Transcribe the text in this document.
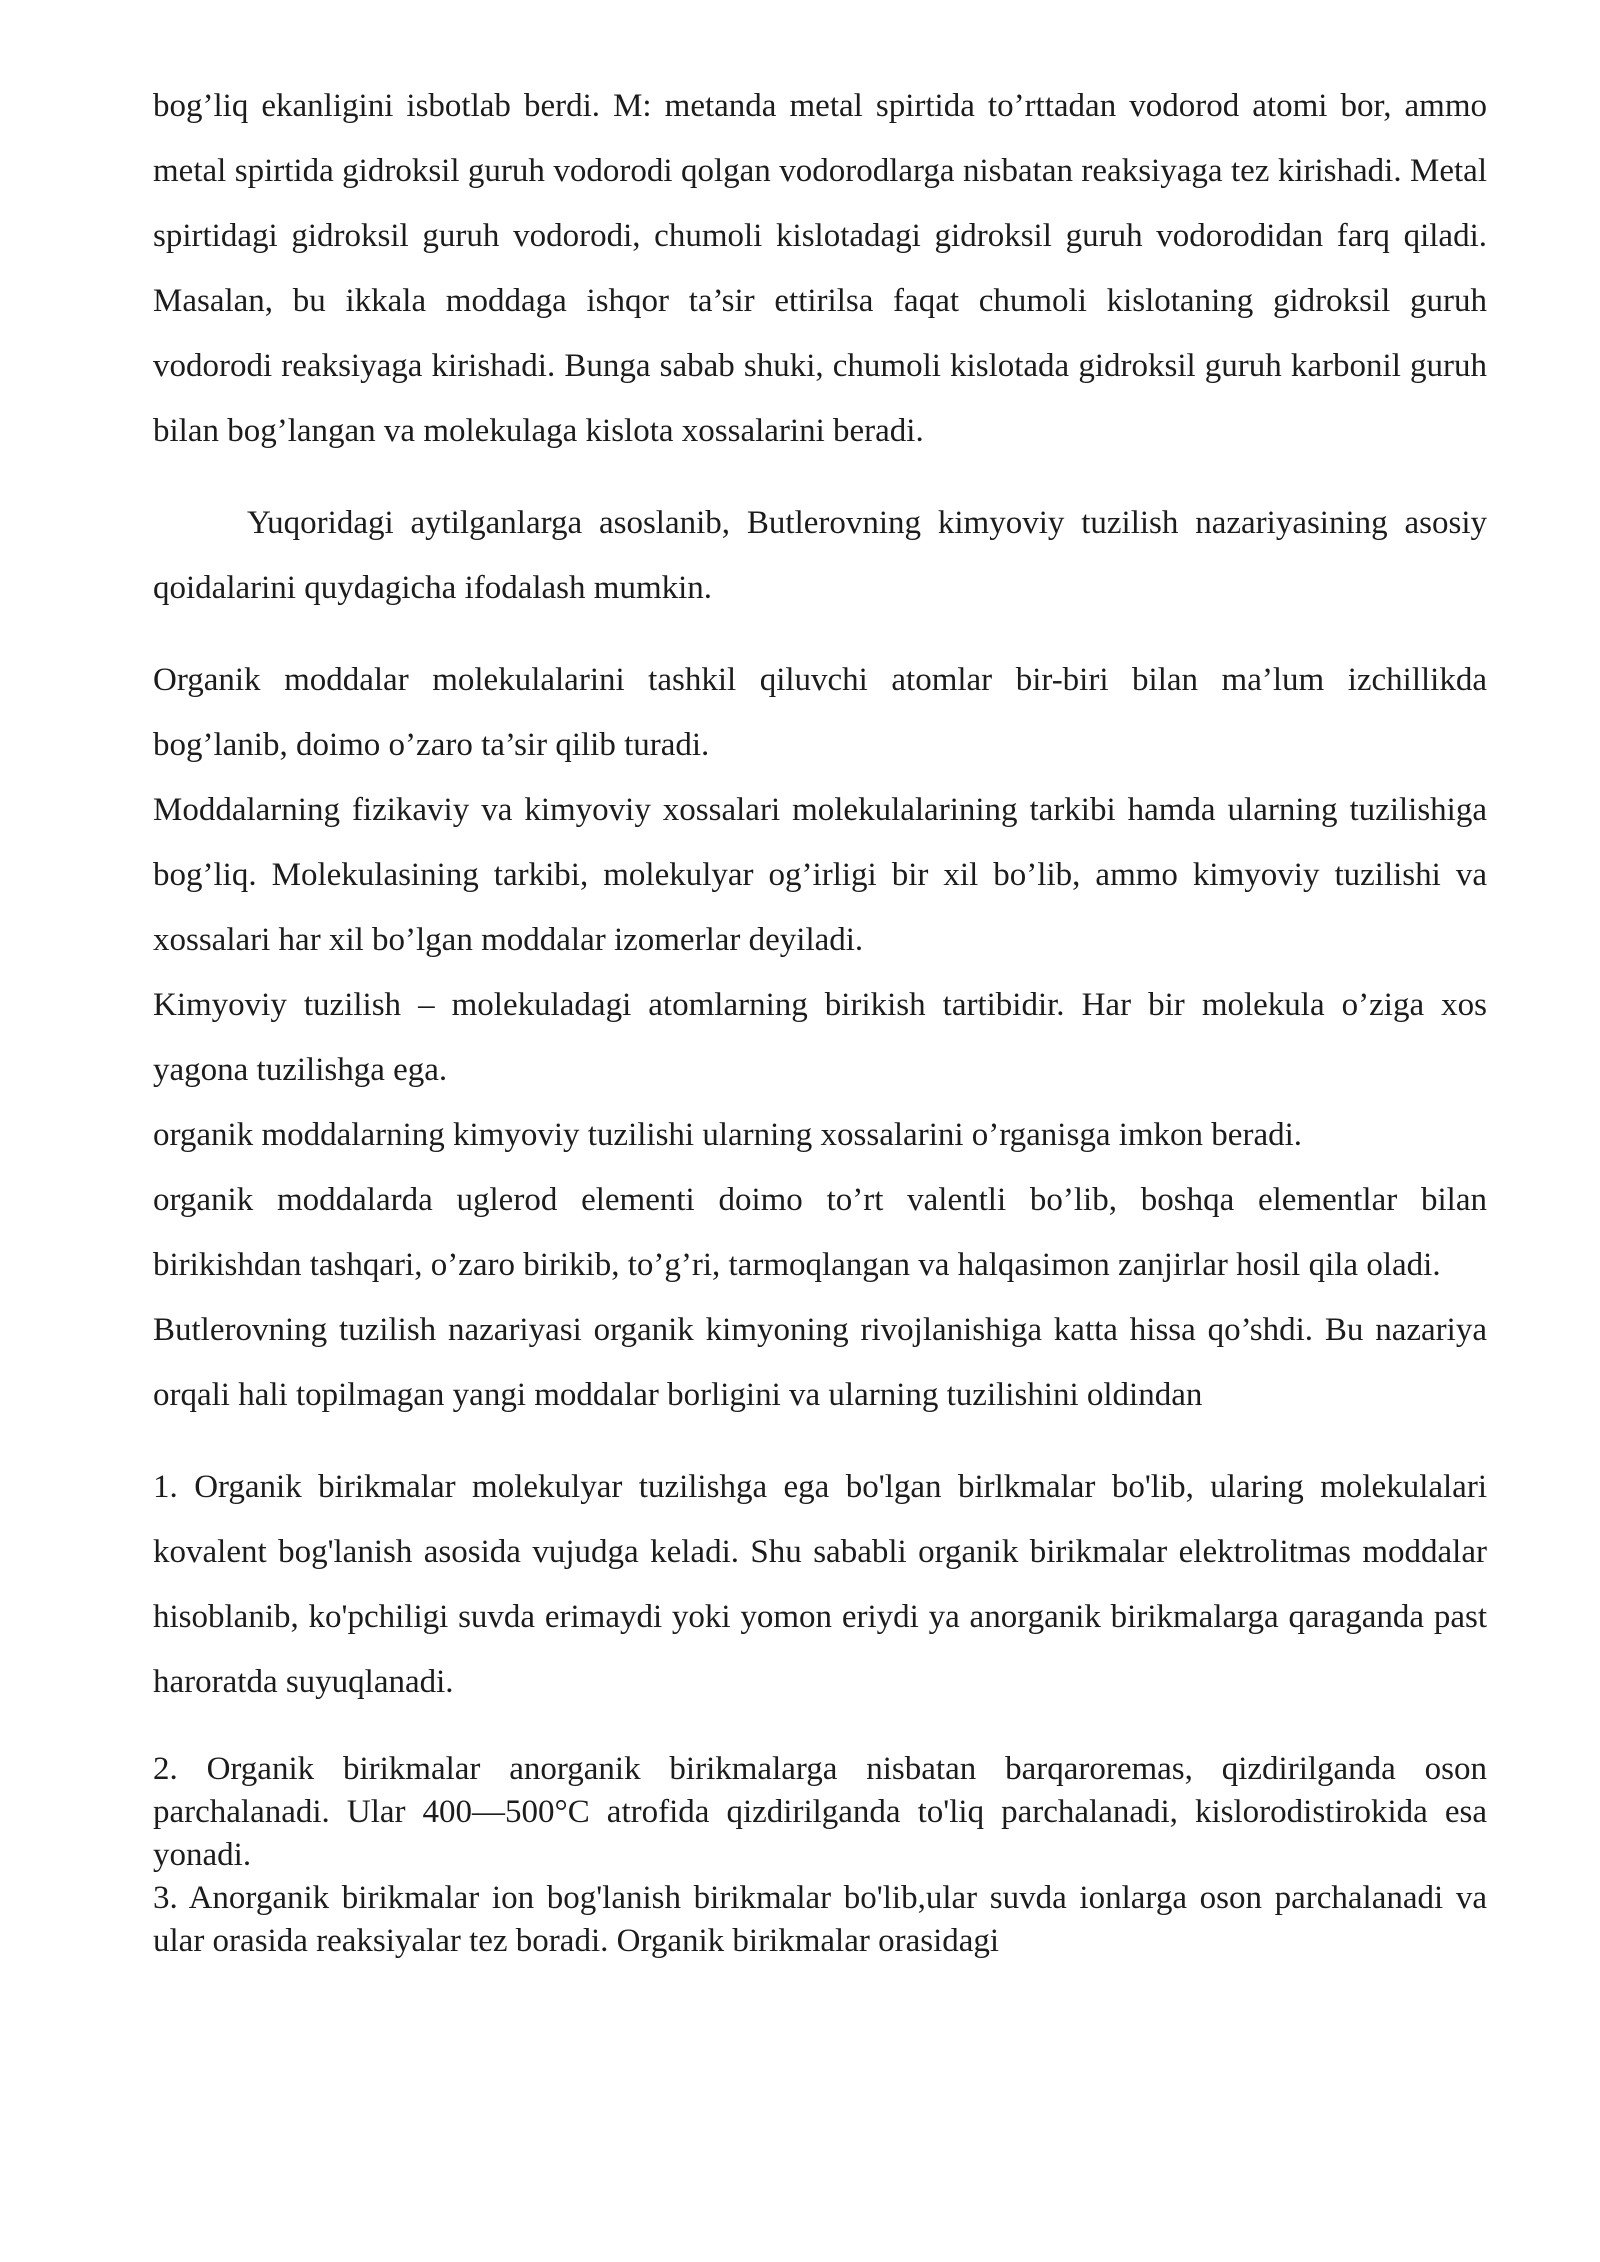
bog’liq ekanligini isbotlab berdi. M: metanda metal spirtida to’rttadan vodorod atomi bor, ammo metal spirtida gidroksil guruh vodorodi qolgan vodorodlarga nisbatan reaksiyaga tez kirishadi. Metal spirtidagi gidroksil guruh vodorodi, chumoli kislotadagi gidroksil guruh vodorodidan farq qiladi. Masalan, bu ikkala moddaga ishqor ta’sir ettirilsa faqat chumoli kislotaning gidroksil guruh vodorodi reaksiyaga kirishadi. Bunga sabab shuki, chumoli kislotada gidroksil guruh karbonil guruh bilan bog’langan va molekulaga kislota xossalarini beradi.

Yuqoridagi aytilganlarga asoslanib, Butlerovning kimyoviy tuzilish nazariyasining asosiy qoidalarini quydagicha ifodalash mumkin.

Organik moddalar molekulalarini tashkil qiluvchi atomlar bir-biri bilan ma’lum izchillikda bog’lanib, doimo o’zaro ta’sir qilib turadi.

Moddalarning fizikaviy va kimyoviy xossalari molekulalarining tarkibi hamda ularning tuzilishiga bog’liq. Molekulasining tarkibi, molekulyar og’irligi bir xil bo’lib, ammo kimyoviy tuzilishi va xossalari har xil bo’lgan moddalar izomerlar deyiladi.

Kimyoviy tuzilish – molekuladagi atomlarning birikish tartibidir. Har bir molekula o’ziga xos yagona tuzilishga ega.

organik moddalarning kimyoviy tuzilishi ularning xossalarini o’rganisga imkon beradi.

organik moddalarda uglerod elementi doimo to’rt valentli bo’lib, boshqa elementlar bilan birikishdan tashqari, o’zaro birikib, to’g’ri, tarmoqlangan va halqasimon zanjirlar hosil qila oladi.

Butlerovning tuzilish nazariyasi organik kimyoning rivojlanishiga katta hissa qo’shdi. Bu nazariya orqali hali topilmagan yangi moddalar borligini va ularning tuzilishini oldindan

1. Organik birikmalar molekulyar tuzilishga ega bo'lgan birlkmalar bo'lib, ularing molekulalari kovalent bog'lanish asosida vujudga keladi. Shu sababli organik birikmalar elektrolitmas moddalar hisoblanib, ko'pchiligi suvda erimaydi yoki yomon eriydi ya anorganik birikmalarga qaraganda past haroratda suyuqlanadi.

2. Organik birikmalar anorganik birikmalarga nisbatan barqaroremas, qizdirilganda oson parchalanadi. Ular 400—500°C atrofida qizdirilganda to'liq parchalanadi, kislorodistirokida esa yonadi.

3. Anorganik birikmalar ion bog'lanish birikmalar bo'lib,ular suvda ionlarga oson parchalanadi va ular orasida reaksiyalar tez boradi. Organik birikmalar orasidagi
